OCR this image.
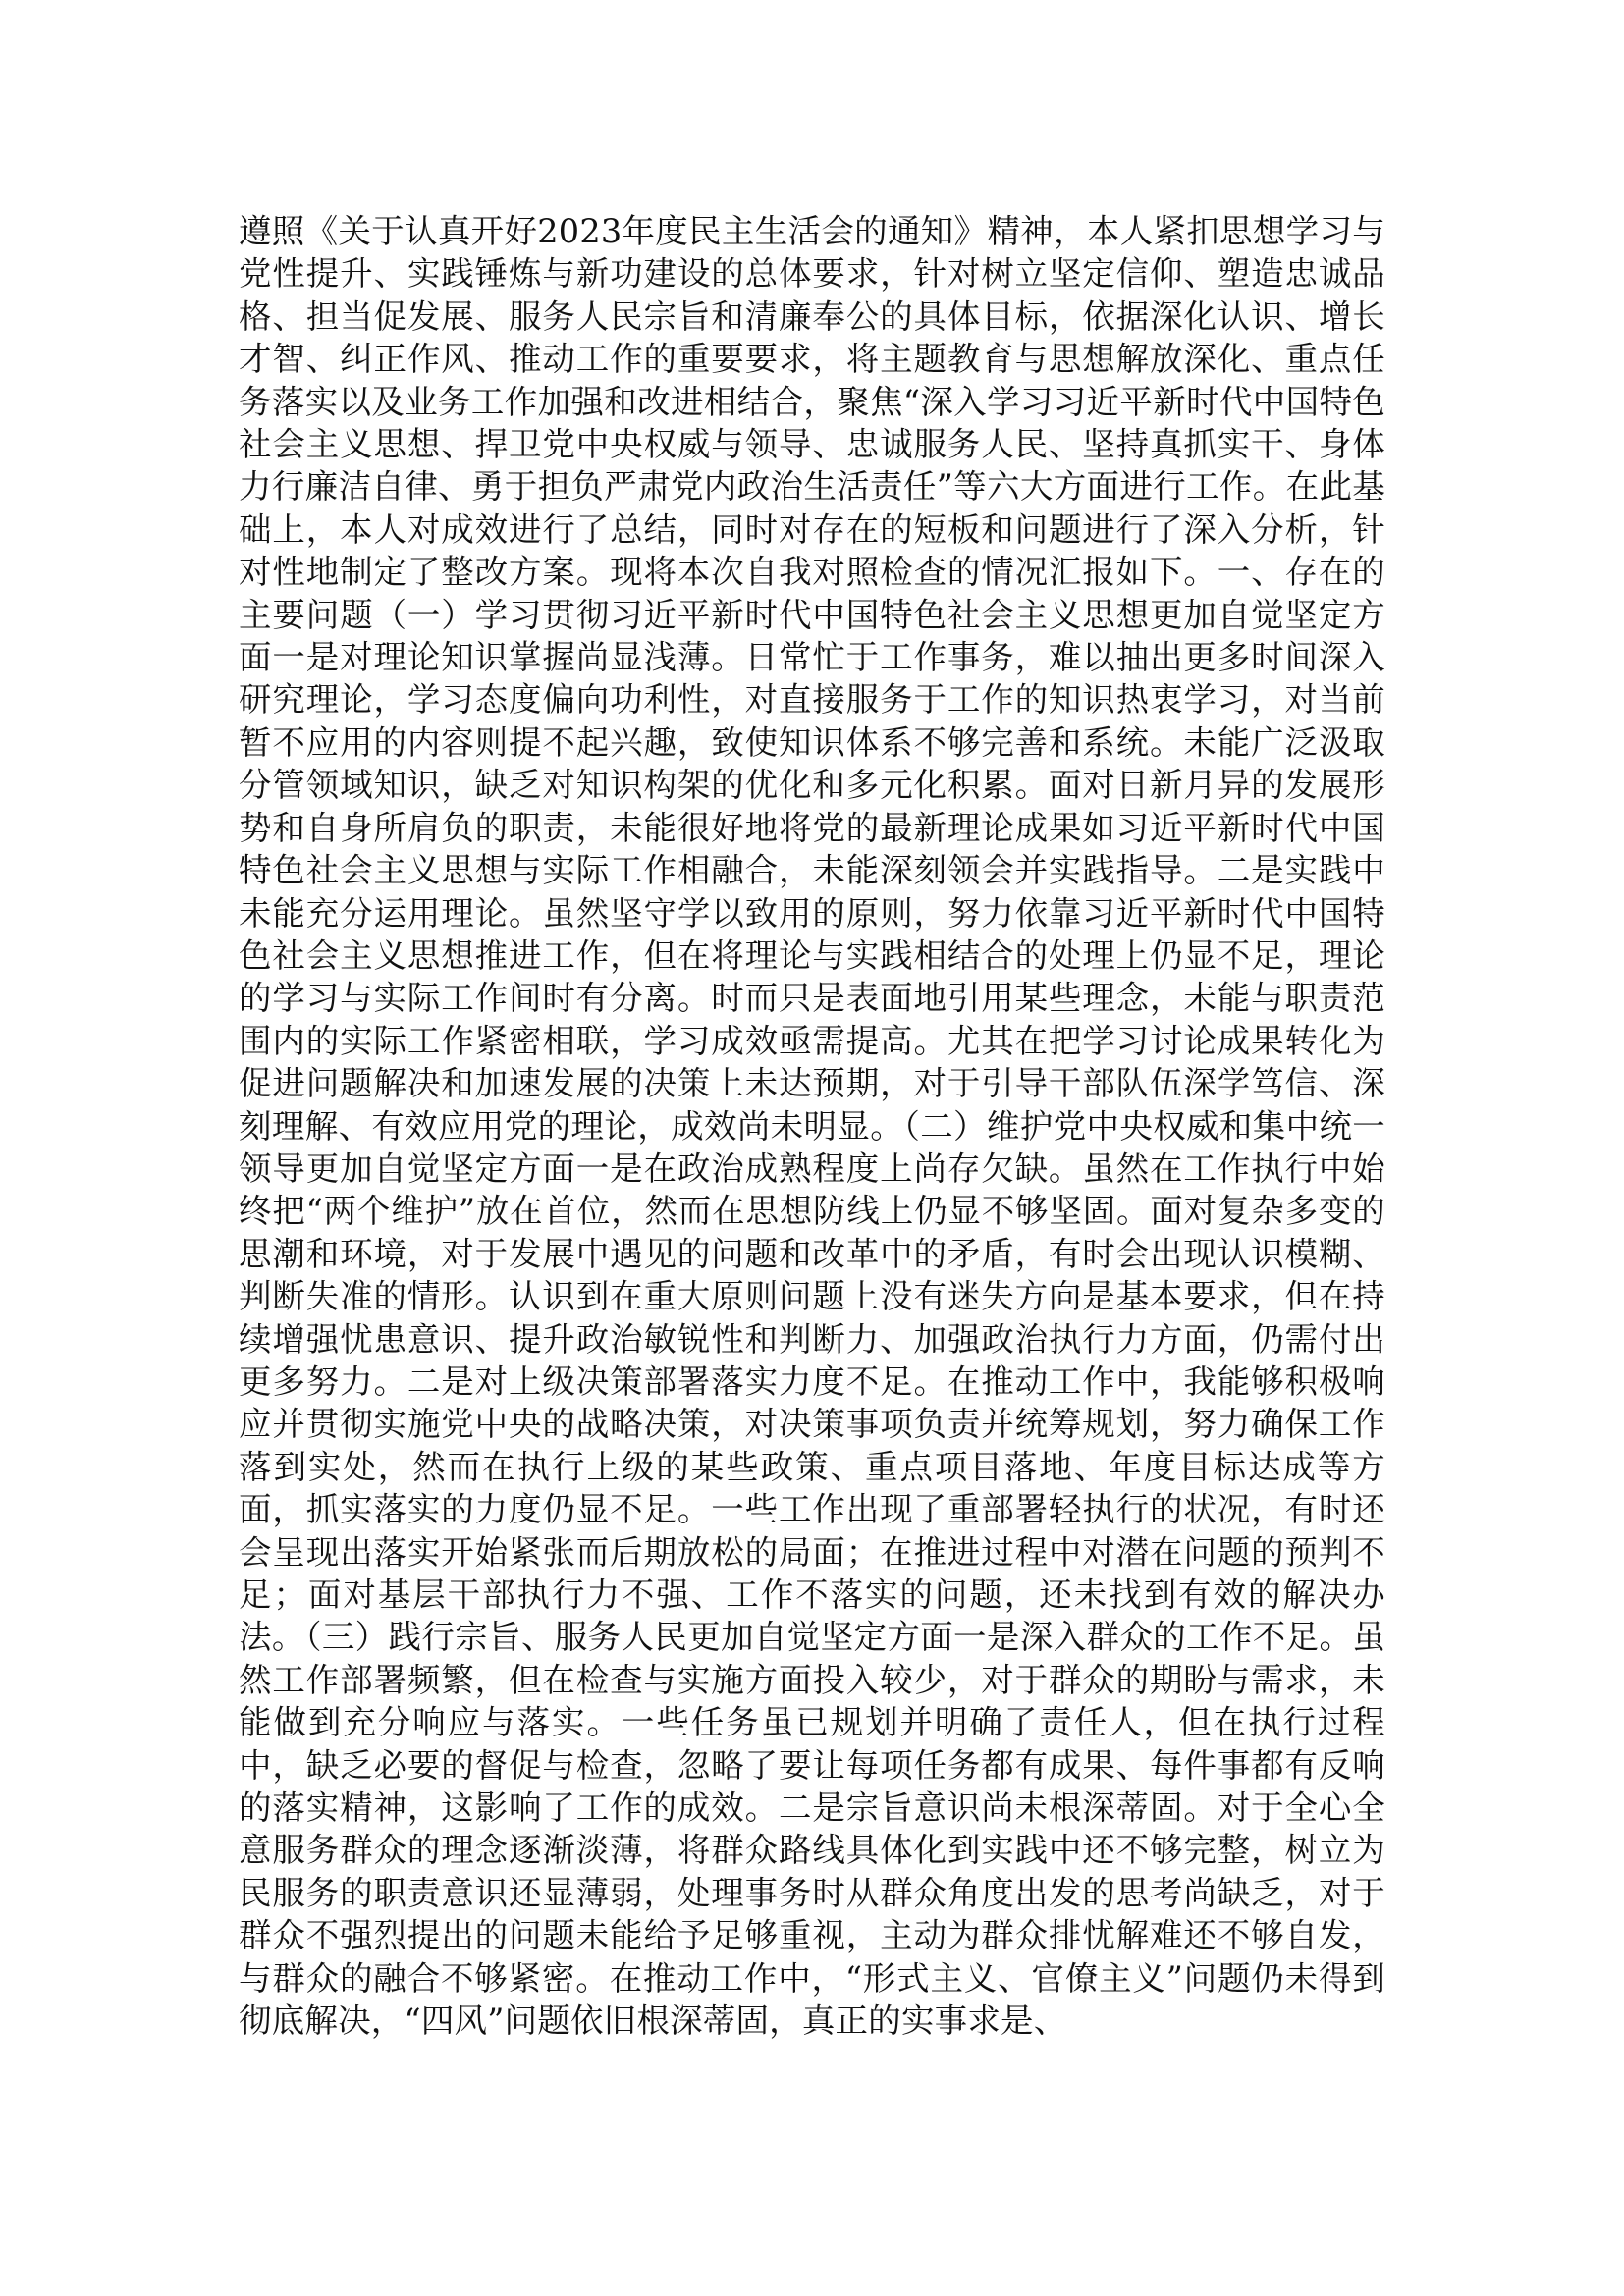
遵照《关于认真开好2023年度民主生活会的通知》精神，本人紧扣思想学习与党性提升、实践锤炼与新功建设的总体要求，针对树立坚定信仰、塑造忠诚品格、担当促发展、服务人民宗旨和清廉奉公的具体目标，依据深化认识、增长才智、纠正作风、推动工作的重要要求，将主题教育与思想解放深化、重点任务落实以及业务工作加强和改进相结合，聚焦“深入学习习近平新时代中国特色社会主义思想、捍卫党中央权威与领导、忠诚服务人民、坚持真抓实干、身体力行廉洁自律、勇于担负严肃党内政治生活责任”等六大方面进行工作。在此基础上，本人对成效进行了总结，同时对存在的短板和问题进行了深入分析，针对性地制定了整改方案。现将本次自我对照检查的情况汇报如下。一、存在的主要问题（一）学习贯彻习近平新时代中国特色社会主义思想更加自觉坚定方面一是对理论知识掌握尚显浅薄。日常忙于工作事务，难以抽出更多时间深入研究理论，学习态度偏向功利性，对直接服务于工作的知识热衷学习，对当前暂不应用的内容则提不起兴趣，致使知识体系不够完善和系统。未能广泛汲取分管领域知识，缺乏对知识构架的优化和多元化积累。面对日新月异的发展形势和自身所肩负的职责，未能很好地将党的最新理论成果如习近平新时代中国特色社会主义思想与实际工作相融合，未能深刻领会并实践指导。二是实践中未能充分运用理论。虽然坚守学以致用的原则，努力依靠习近平新时代中国特色社会主义思想推进工作，但在将理论与实践相结合的处理上仍显不足，理论的学习与实际工作间时有分离。时而只是表面地引用某些理念，未能与职责范围内的实际工作紧密相联，学习成效亟需提高。尤其在把学习讨论成果转化为促进问题解决和加速发展的决策上未达预期，对于引导干部队伍深学笃信、深刻理解、有效应用党的理论，成效尚未明显。（二）维护党中央权威和集中统一领导更加自觉坚定方面一是在政治成熟程度上尚存欠缺。虽然在工作执行中始终把“两个维护”放在首位，然而在思想防线上仍显不够坚固。面对复杂多变的思潮和环境，对于发展中遇见的问题和改革中的矛盾，有时会出现认识模糊、判断失准的情形。认识到在重大原则问题上没有迷失方向是基本要求，但在持续增强忧患意识、提升政治敏锐性和判断力、加强政治执行力方面，仍需付出更多努力。二是对上级决策部署落实力度不足。在推动工作中，我能够积极响应并贯彻实施党中央的战略决策，对决策事项负责并统筹规划，努力确保工作落到实处，然而在执行上级的某些政策、重点项目落地、年度目标达成等方面，抓实落实的力度仍显不足。一些工作出现了重部署轻执行的状况，有时还会呈现出落实开始紧张而后期放松的局面；在推进过程中对潜在问题的预判不足；面对基层干部执行力不强、工作不落实的问题，还未找到有效的解决办法。（三）践行宗旨、服务人民更加自觉坚定方面一是深入群众的工作不足。虽然工作部署频繁，但在检查与实施方面投入较少，对于群众的期盼与需求，未能做到充分响应与落实。一些任务虽已规划并明确了责任人，但在执行过程中，缺乏必要的督促与检查，忽略了要让每项任务都有成果、每件事都有反响的落实精神，这影响了工作的成效。二是宗旨意识尚未根深蒂固。对于全心全意服务群众的理念逐渐淡薄，将群众路线具体化到实践中还不够完整，树立为民服务的职责意识还显薄弱，处理事务时从群众角度出发的思考尚缺乏，对于群众不强烈提出的问题未能给予足够重视，主动为群众排忧解难还不够自发，与群众的融合不够紧密。在推动工作中，“形式主义、官僚主义”问题仍未得到彻底解决，“四风”问题依旧根深蒂固，真正的实事求是、
